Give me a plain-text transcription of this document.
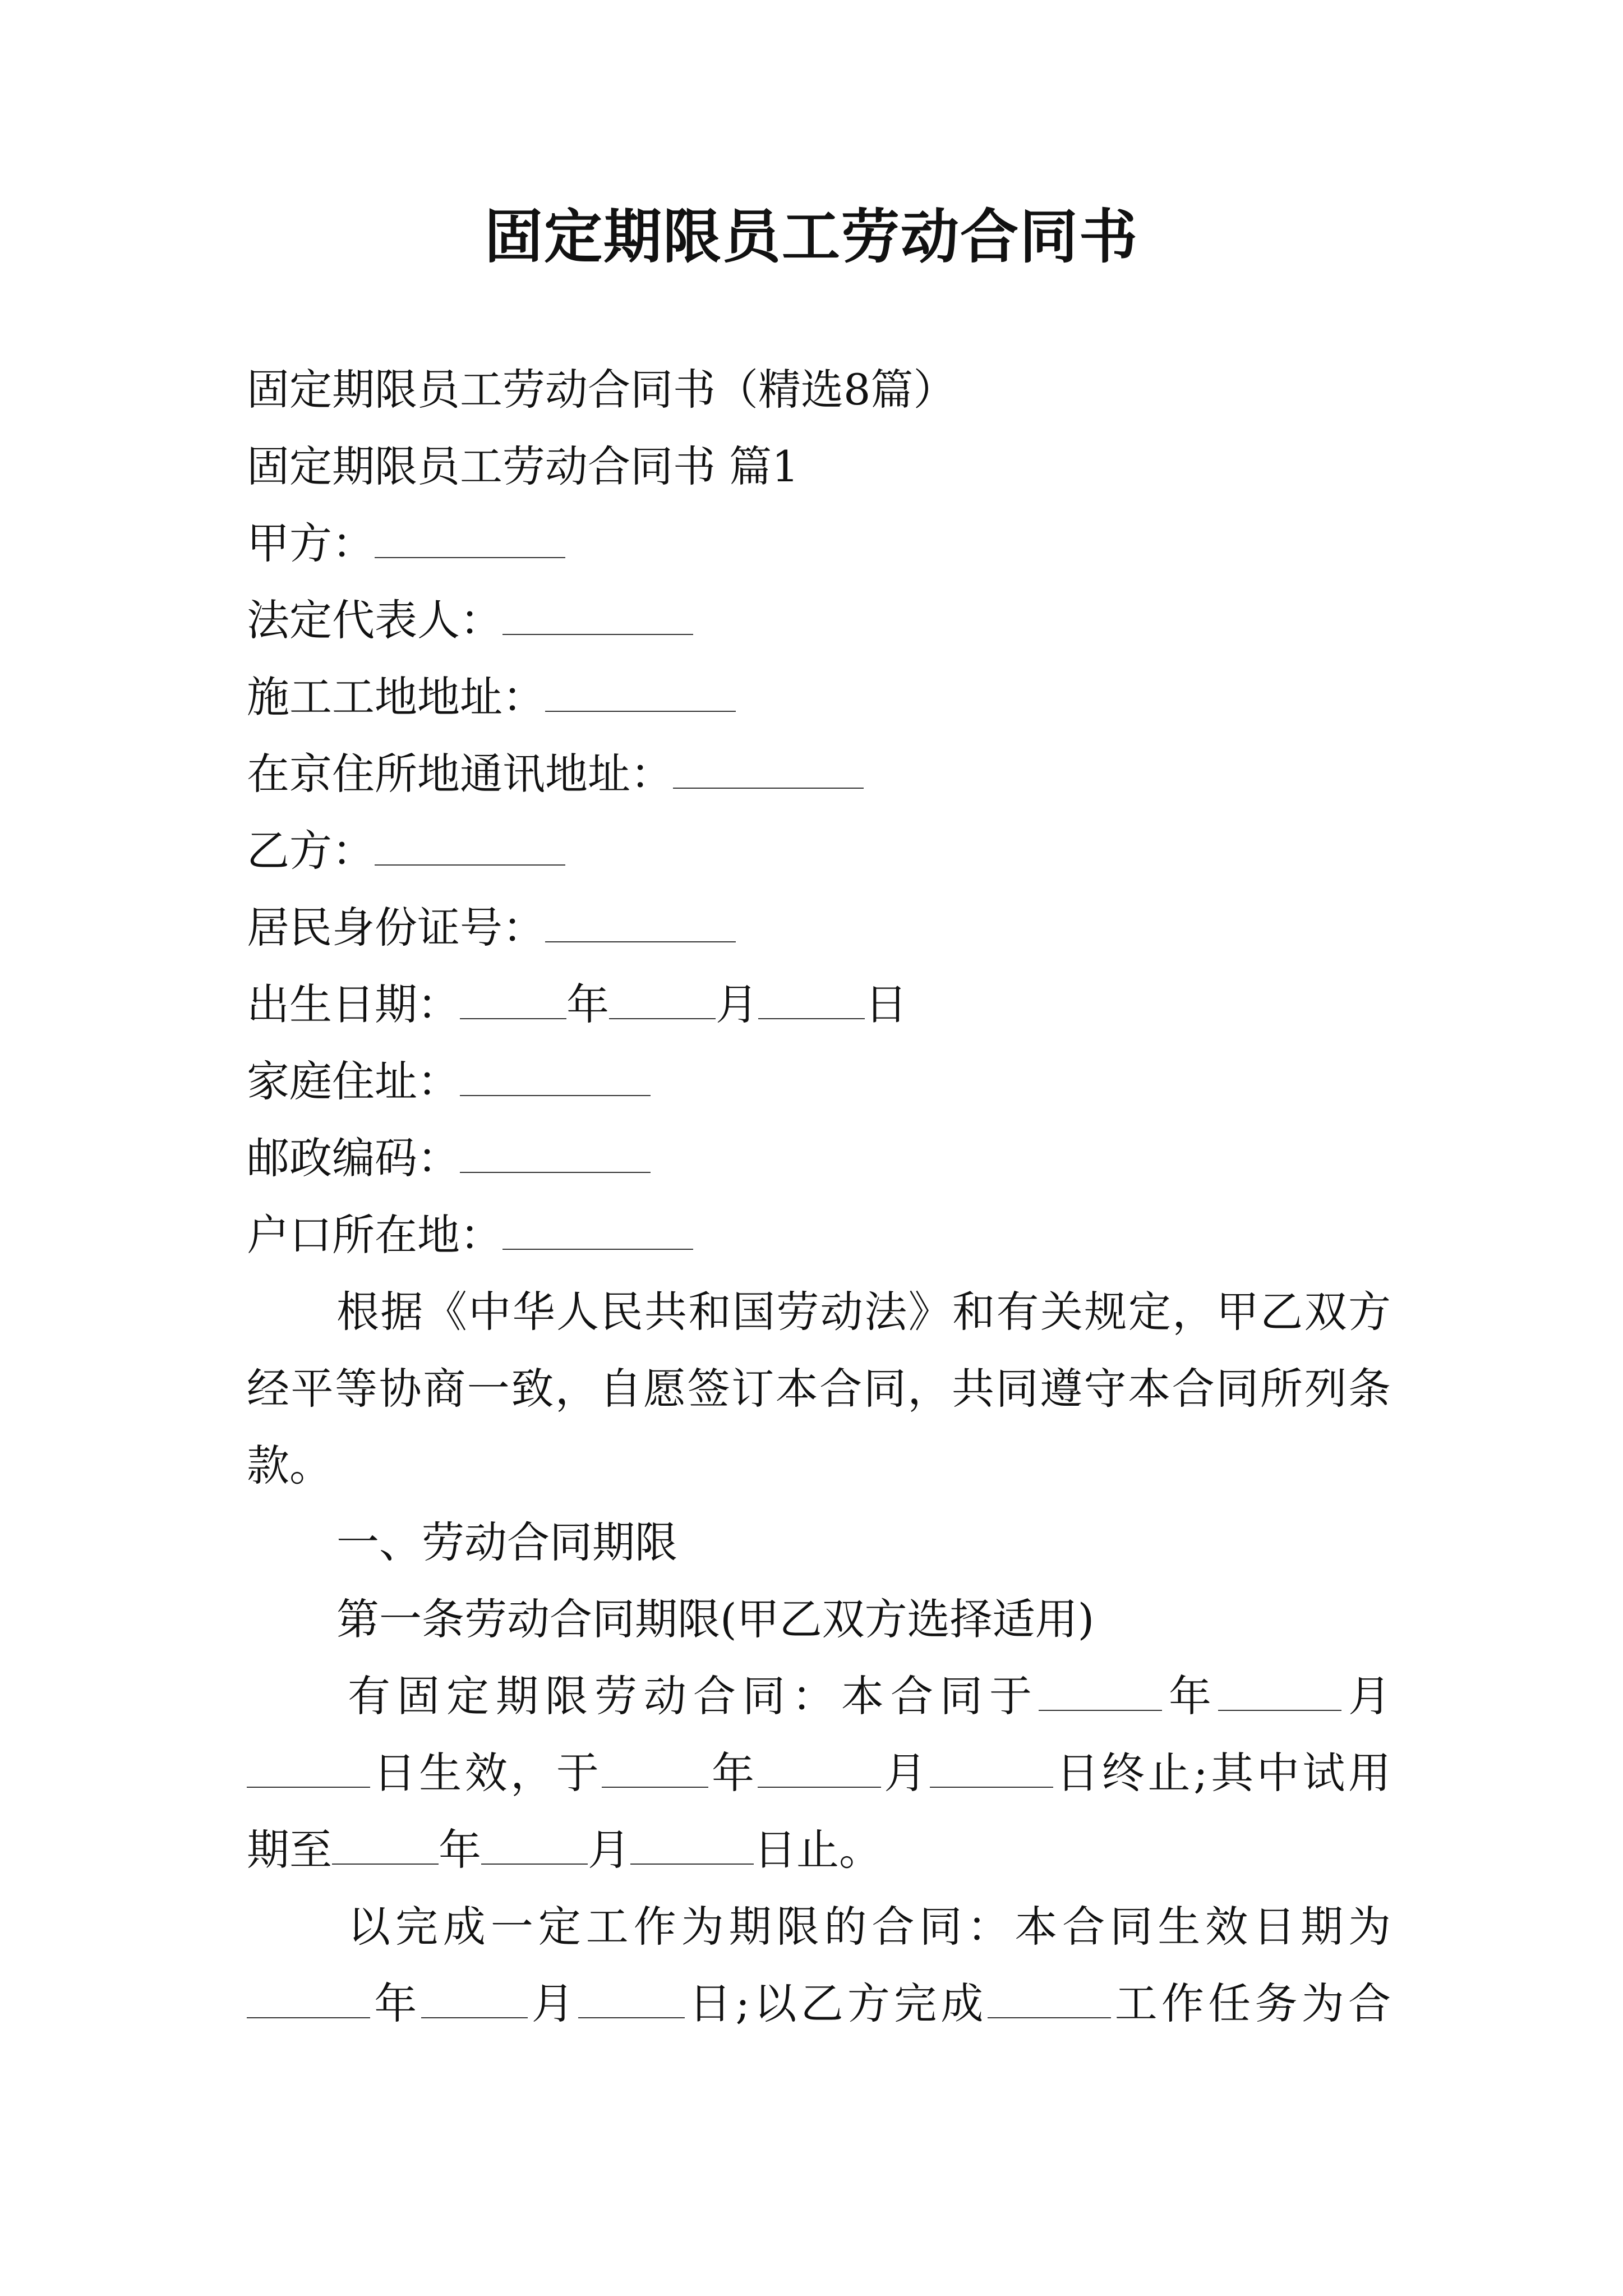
固定期限员工劳动合同书
固定期限员工劳动合同书（精选8篇）
固定期限员工劳动合同书 篇1
甲方：
法定代表人：
施工工地地址：
在京住所地通讯地址：
乙方：
居民身份证号：
出生日期：	年	月	日
家庭住址：
邮政编码：
户口所在地：
根据《中华人民共和国劳动法》和有关规定，甲乙双方
经平等协商一致，自愿签订本合同，共同遵守本合同所列条
款。
一、劳动合同期限
第一条劳动合同期限(甲乙双方选择适用)
有固定期限劳动合同：本合同于	年	月
日生效，于	年	月	日终止;其中试用
期至	年	月	日止。
以完成一定工作为期限的合同：本合同生效日期为
年	月	日;以乙方完成	工作任务为合
